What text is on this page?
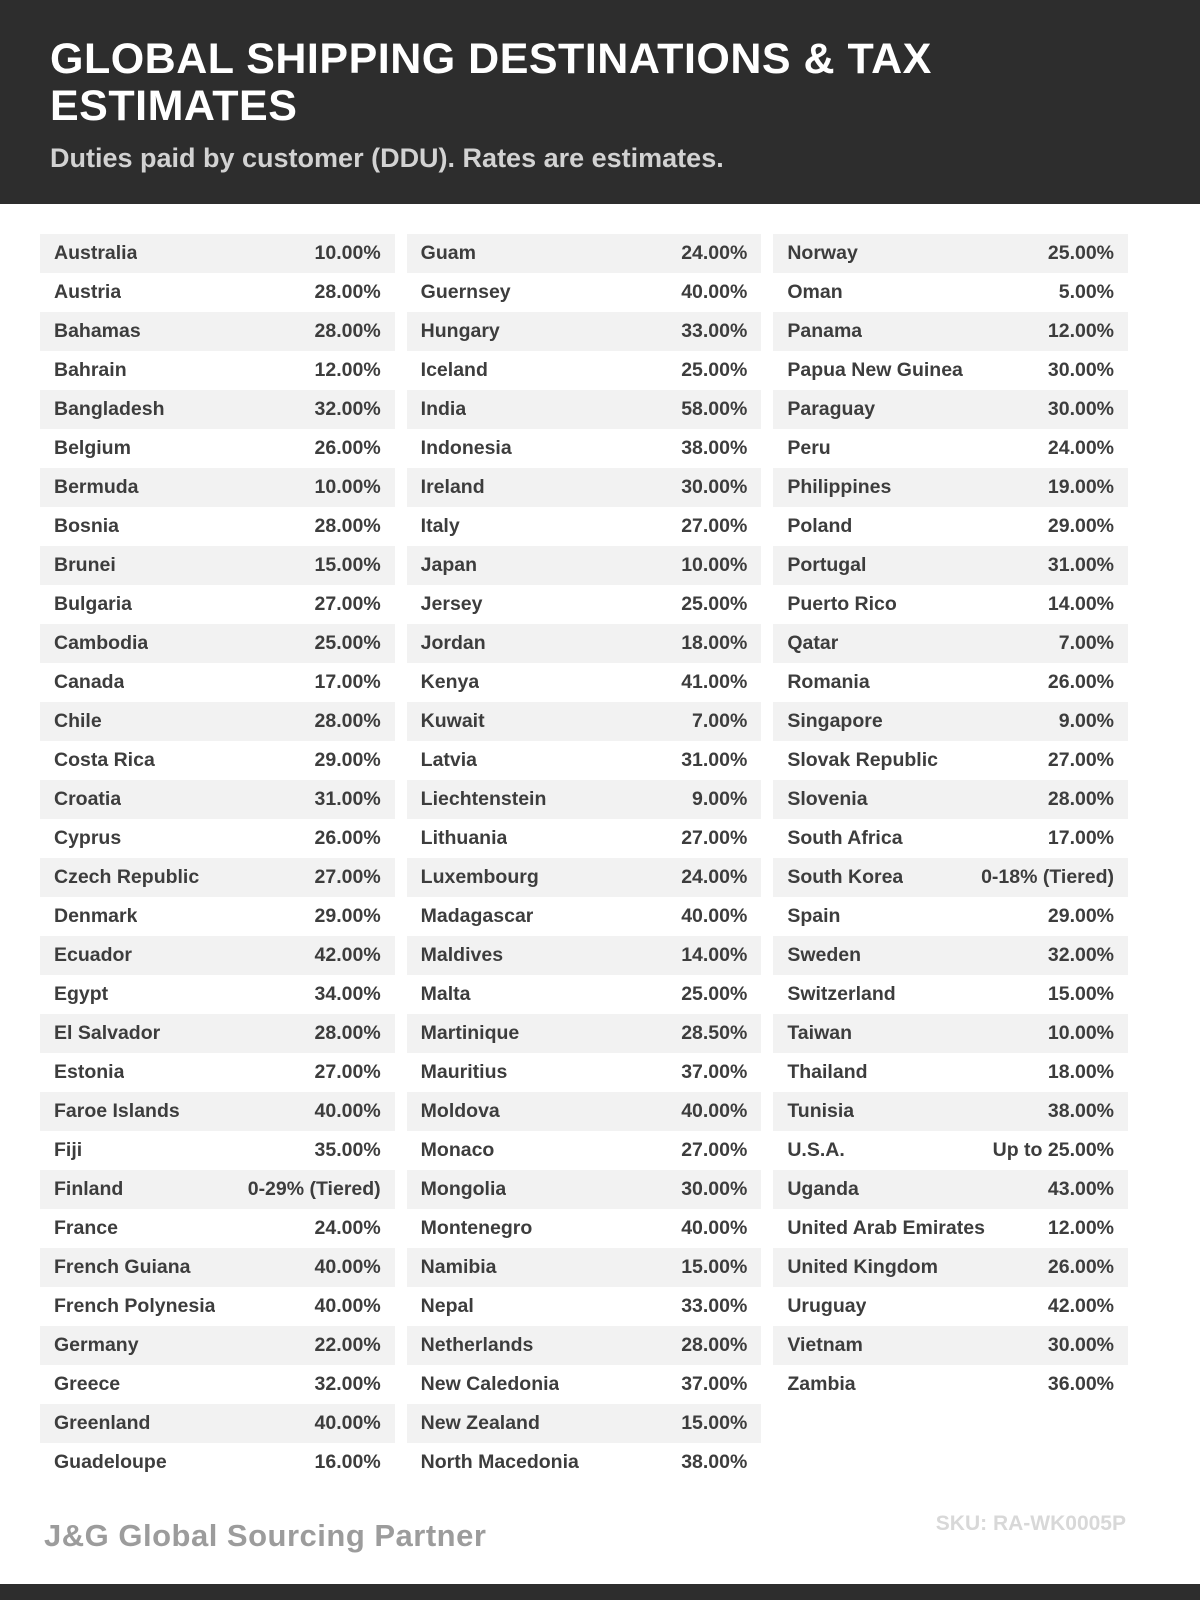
GLOBAL SHIPPING DESTINATIONS & TAX ESTIMATES
Duties paid by customer (DDU). Rates are estimates.
Australia	10.00%
Austria	28.00%
Bahamas	28.00%
Bahrain	12.00%
Bangladesh	32.00%
Belgium	26.00%
Bermuda	10.00%
Bosnia	28.00%
Brunei	15.00%
Bulgaria	27.00%
Cambodia	25.00%
Canada	17.00%
Chile	28.00%
Costa Rica	29.00%
Croatia	31.00%
Cyprus	26.00%
Czech Republic	27.00%
Denmark	29.00%
Ecuador	42.00%
Egypt	34.00%
El Salvador	28.00%
Estonia	27.00%
Faroe Islands	40.00%
Fiji	35.00%
Finland	0-29% (Tiered)
France	24.00%
French Guiana	40.00%
French Polynesia	40.00%
Germany	22.00%
Greece	32.00%
Greenland	40.00%
Guadeloupe	16.00%
Guam	24.00%
Guernsey	40.00%
Hungary	33.00%
Iceland	25.00%
India	58.00%
Indonesia	38.00%
Ireland	30.00%
Italy	27.00%
Japan	10.00%
Jersey	25.00%
Jordan	18.00%
Kenya	41.00%
Kuwait	7.00%
Latvia	31.00%
Liechtenstein	9.00%
Lithuania	27.00%
Luxembourg	24.00%
Madagascar	40.00%
Maldives	14.00%
Malta	25.00%
Martinique	28.50%
Mauritius	37.00%
Moldova	40.00%
Monaco	27.00%
Mongolia	30.00%
Montenegro	40.00%
Namibia	15.00%
Nepal	33.00%
Netherlands	28.00%
New Caledonia	37.00%
New Zealand	15.00%
North Macedonia	38.00%
Norway	25.00%
Oman	5.00%
Panama	12.00%
Papua New Guinea	30.00%
Paraguay	30.00%
Peru	24.00%
Philippines	19.00%
Poland	29.00%
Portugal	31.00%
Puerto Rico	14.00%
Qatar	7.00%
Romania	26.00%
Singapore	9.00%
Slovak Republic	27.00%
Slovenia	28.00%
South Africa	17.00%
South Korea	0-18% (Tiered)
Spain	29.00%
Sweden	32.00%
Switzerland	15.00%
Taiwan	10.00%
Thailand	18.00%
Tunisia	38.00%
U.S.A.	Up to 25.00%
Uganda	43.00%
United Arab Emirates	12.00%
United Kingdom	26.00%
Uruguay	42.00%
Vietnam	30.00%
Zambia	36.00%
J&G Global Sourcing Partner	SKU: RA-WK0005P
